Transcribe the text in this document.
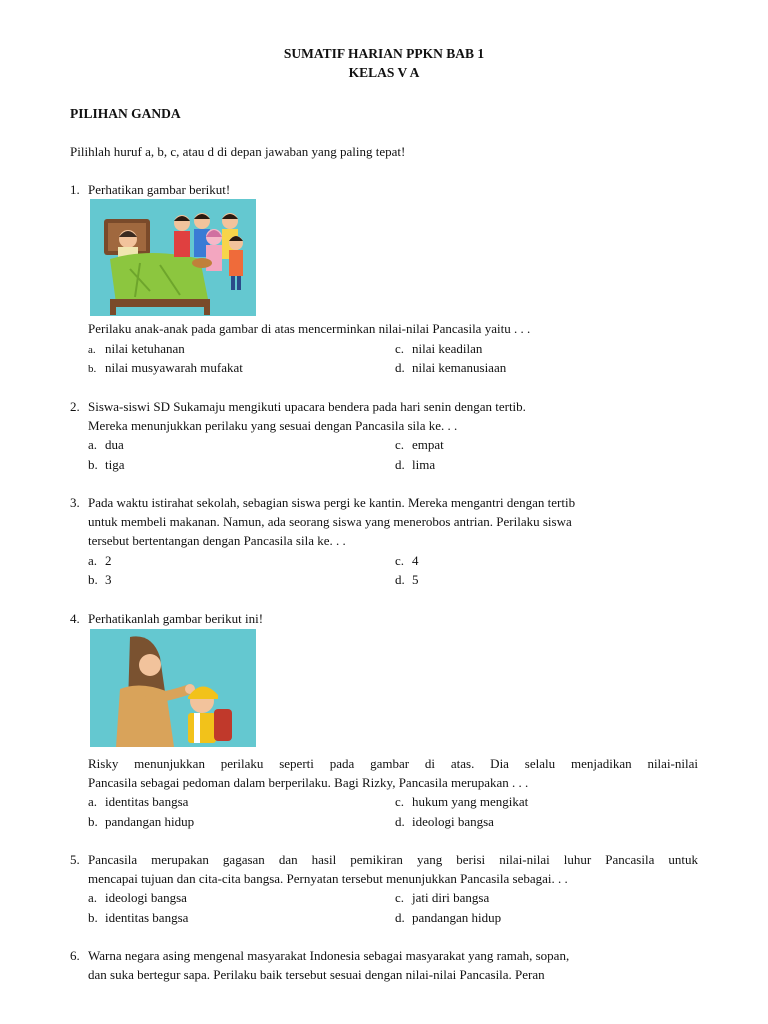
SUMATIF HARIAN PPKN BAB 1
KELAS V A
PILIHAN GANDA
Pilihlah huruf a, b, c, atau d di depan jawaban yang paling tepat!
1. Perhatikan gambar berikut!
Perilaku anak-anak pada gambar di atas mencerminkan nilai-nilai Pancasila yaitu . . .
a. nilai ketuhanan
b. nilai musyawarah mufakat
c. nilai keadilan
d. nilai kemanusiaan
2. Siswa-siswi SD Sukamaju mengikuti upacara bendera pada hari senin dengan tertib.
Mereka menunjukkan perilaku yang sesuai dengan Pancasila sila ke. . .
a. dua
b. tiga
c. empat
d. lima
3. Pada waktu istirahat sekolah, sebagian siswa pergi ke kantin. Mereka mengantri dengan tertib
untuk membeli makanan. Namun, ada seorang siswa yang menerobos antrian. Perilaku siswa
tersebut bertentangan dengan Pancasila sila ke. . .
a. 2
b. 3
c. 4
d. 5
4. Perhatikanlah gambar berikut ini!
Risky menunjukkan perilaku seperti pada gambar di atas. Dia selalu menjadikan nilai-nilai
Pancasila sebagai pedoman dalam berperilaku. Bagi Rizky, Pancasila merupakan . . .
a. identitas bangsa
b. pandangan hidup
c. hukum yang mengikat
d. ideologi bangsa
5. Pancasila merupakan gagasan dan hasil pemikiran yang berisi nilai-nilai luhur Pancasila untuk
mencapai tujuan dan cita-cita bangsa. Pernyatan tersebut menunjukkan Pancasila sebagai. . .
a. ideologi bangsa
b. identitas bangsa
c. jati diri bangsa
d. pandangan hidup
6. Warna negara asing mengenal masyarakat Indonesia sebagai masyarakat yang ramah, sopan,
dan suka bertegur sapa. Perilaku baik tersebut sesuai dengan nilai-nilai Pancasila. Peran
